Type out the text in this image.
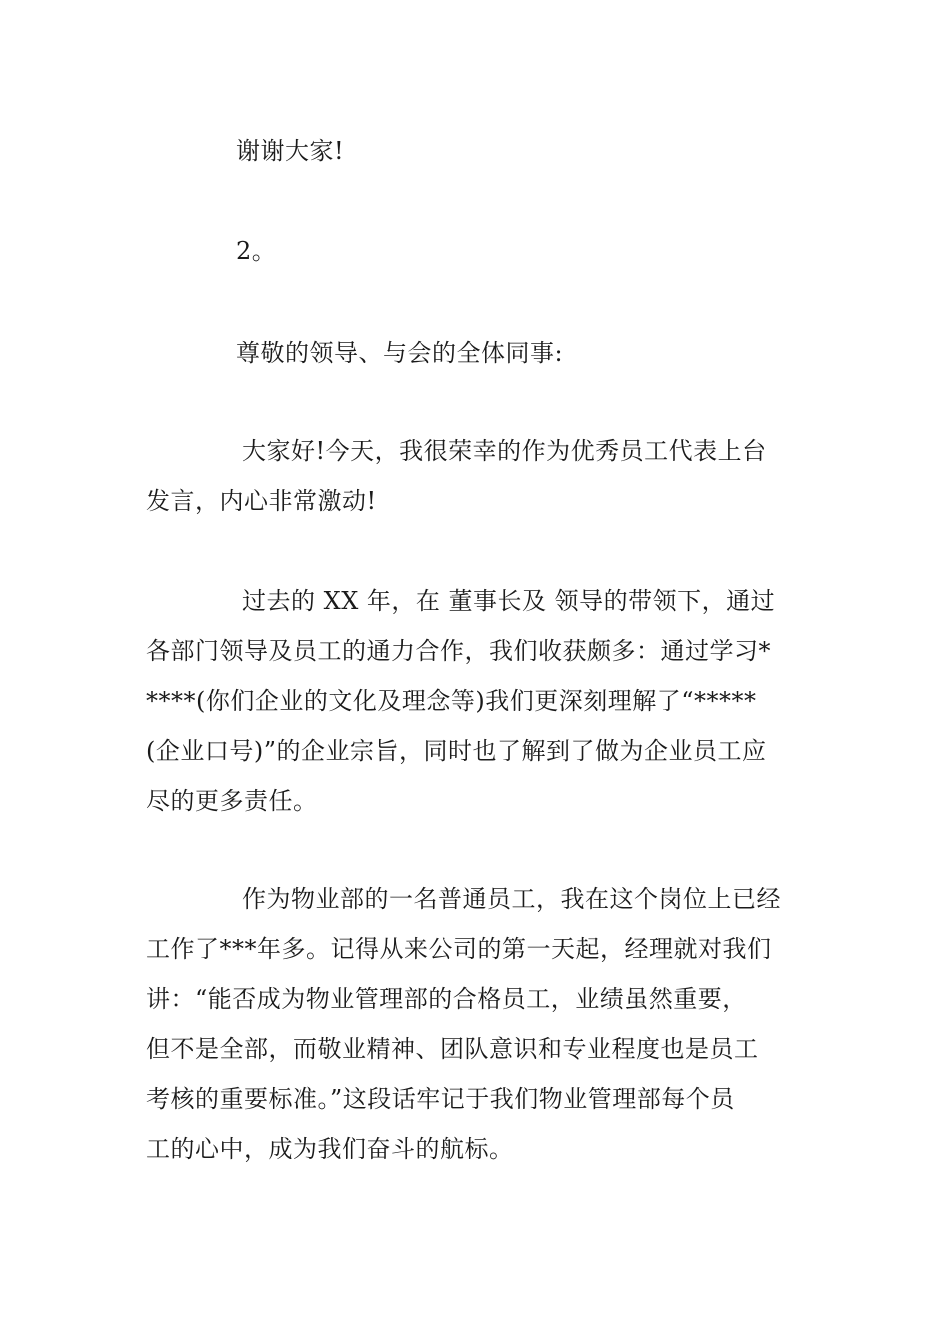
谢谢大家!
2。
尊敬的领导、与会的全体同事:
大家好!今天，我很荣幸的作为优秀员工代表上台
发言，内心非常激动!
过去的 XX 年，在 董事长及 领导的带领下，通过
各部门领导及员工的通力合作，我们收获颇多：通过学习*
****(你们企业的文化及理念等)我们更深刻理解了“*****
(企业口号)”的企业宗旨，同时也了解到了做为企业员工应
尽的更多责任。
作为物业部的一名普通员工，我在这个岗位上已经
工作了***年多。记得从来公司的第一天起，经理就对我们
讲：“能否成为物业管理部的合格员工，业绩虽然重要，
但不是全部，而敬业精神、团队意识和专业程度也是员工
考核的重要标准。”这段话牢记于我们物业管理部每个员
工的心中，成为我们奋斗的航标。
